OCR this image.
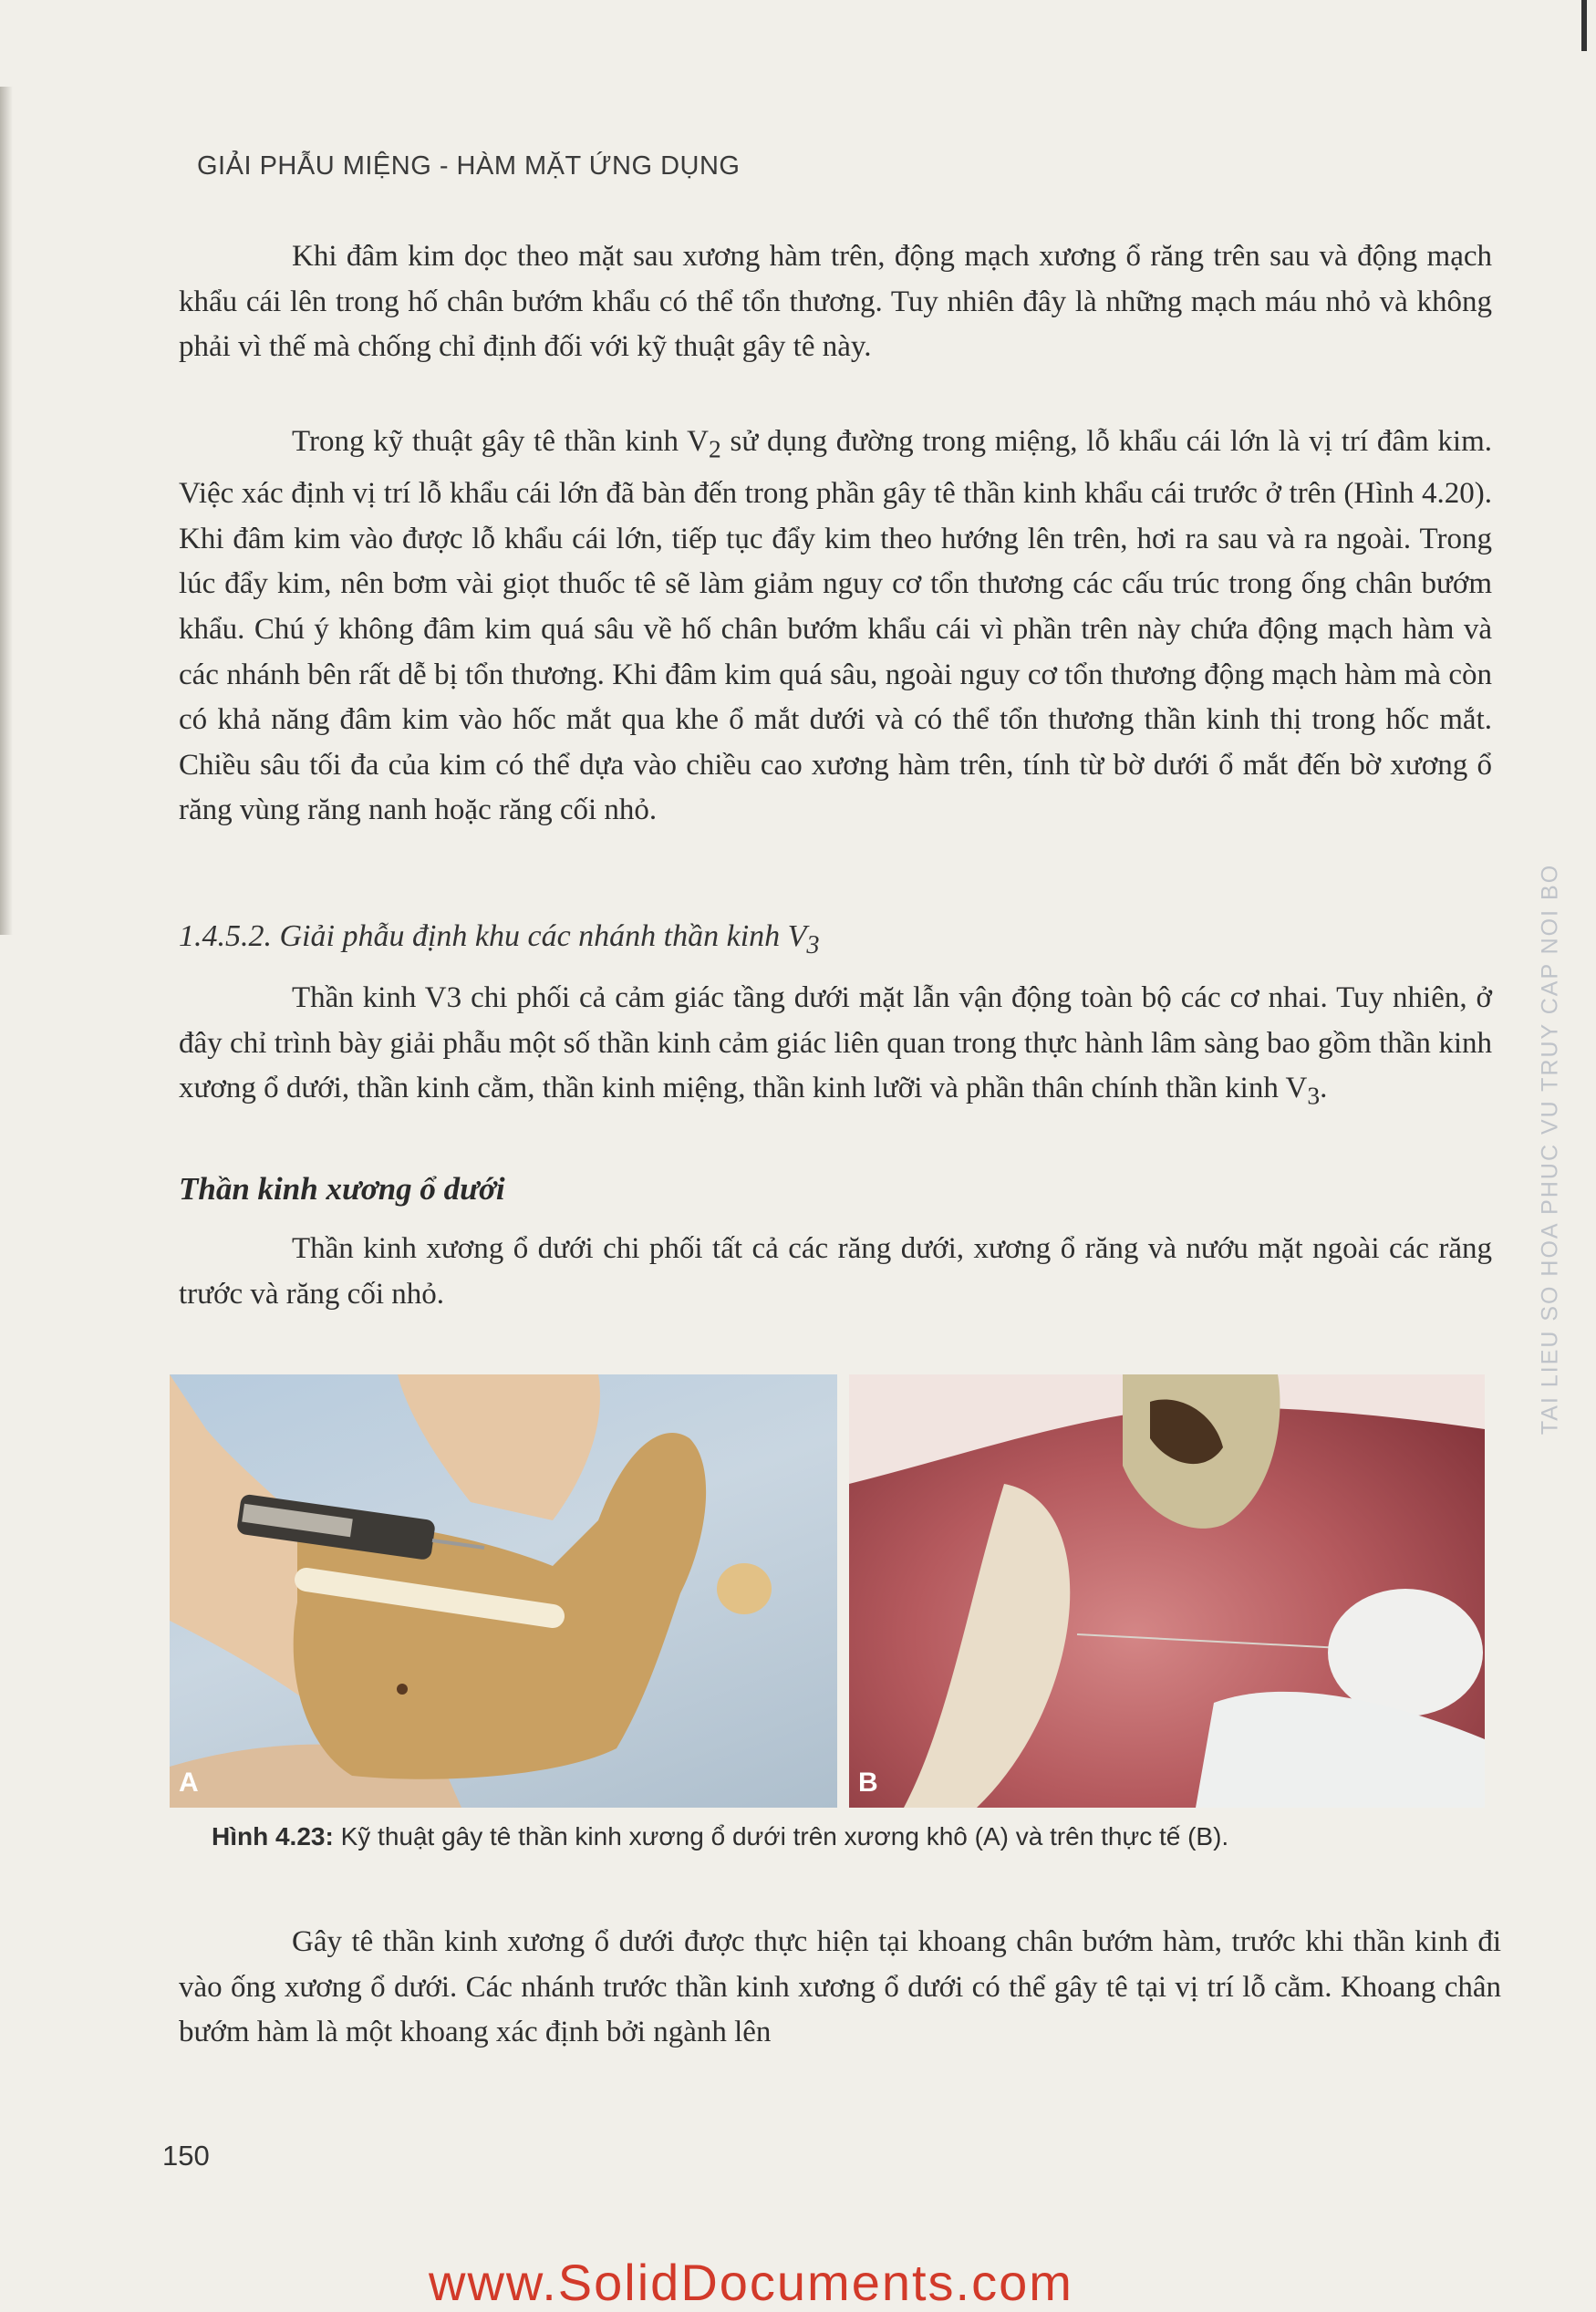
GIẢI PHẪU MIỆNG - HÀM MẶT ỨNG DỤNG

Khi đâm kim dọc theo mặt sau xương hàm trên, động mạch xương ổ răng trên sau và động mạch khẩu cái lên trong hố chân bướm khẩu có thể tổn thương. Tuy nhiên đây là những mạch máu nhỏ và không phải vì thế mà chống chỉ định đối với kỹ thuật gây tê này.

Trong kỹ thuật gây tê thần kinh $V_2$ sử dụng đường trong miệng, lỗ khẩu cái lớn là vị trí đâm kim. Việc xác định vị trí lỗ khẩu cái lớn đã bàn đến trong phần gây tê thần kinh khẩu cái trước ở trên (Hình 4.20). Khi đâm kim vào được lỗ khẩu cái lớn, tiếp tục đẩy kim theo hướng lên trên, hơi ra sau và ra ngoài. Trong lúc đẩy kim, nên bơm vài giọt thuốc tê sẽ làm giảm nguy cơ tổn thương các cấu trúc trong ống chân bướm khẩu. Chú ý không đâm kim quá sâu về hố chân bướm khẩu cái vì phần trên này chứa động mạch hàm và các nhánh bên rất dễ bị tổn thương. Khi đâm kim quá sâu, ngoài nguy cơ tổn thương động mạch hàm mà còn có khả năng đâm kim vào hốc mắt qua khe ổ mắt dưới và có thể tổn thương thần kinh thị trong hốc mắt. Chiều sâu tối đa của kim có thể dựa vào chiều cao xương hàm trên, tính từ bờ dưới ổ mắt đến bờ xương ổ răng vùng răng nanh hoặc răng cối nhỏ.

1.4.5.2. Giải phẫu định khu các nhánh thần kinh $V_3$

Thần kinh V3 chi phối cả cảm giác tầng dưới mặt lẫn vận động toàn bộ các cơ nhai. Tuy nhiên, ở đây chỉ trình bày giải phẫu một số thần kinh cảm giác liên quan trong thực hành lâm sàng bao gồm thần kinh xương ổ dưới, thần kinh cằm, thần kinh miệng, thần kinh lưỡi và phần thân chính thần kinh $V_3$.

Thần kinh xương ổ dưới

Thần kinh xương ổ dưới chi phối tất cả các răng dưới, xương ổ răng và nướu mặt ngoài các răng trước và răng cối nhỏ.

A	B
Hình 4.23: Kỹ thuật gây tê thần kinh xương ổ dưới trên xương khô (A) và trên thực tế (B).

Gây tê thần kinh xương ổ dưới được thực hiện tại khoang chân bướm hàm, trước khi thần kinh đi vào ống xương ổ dưới. Các nhánh trước thần kinh xương ổ dưới có thể gây tê tại vị trí lỗ cằm. Khoang chân bướm hàm là một khoang xác định bởi ngành lên

150
TAI LIEU SO HOA PHUC VU TRUY CAP NOI BO
www.SolidDocuments.com
